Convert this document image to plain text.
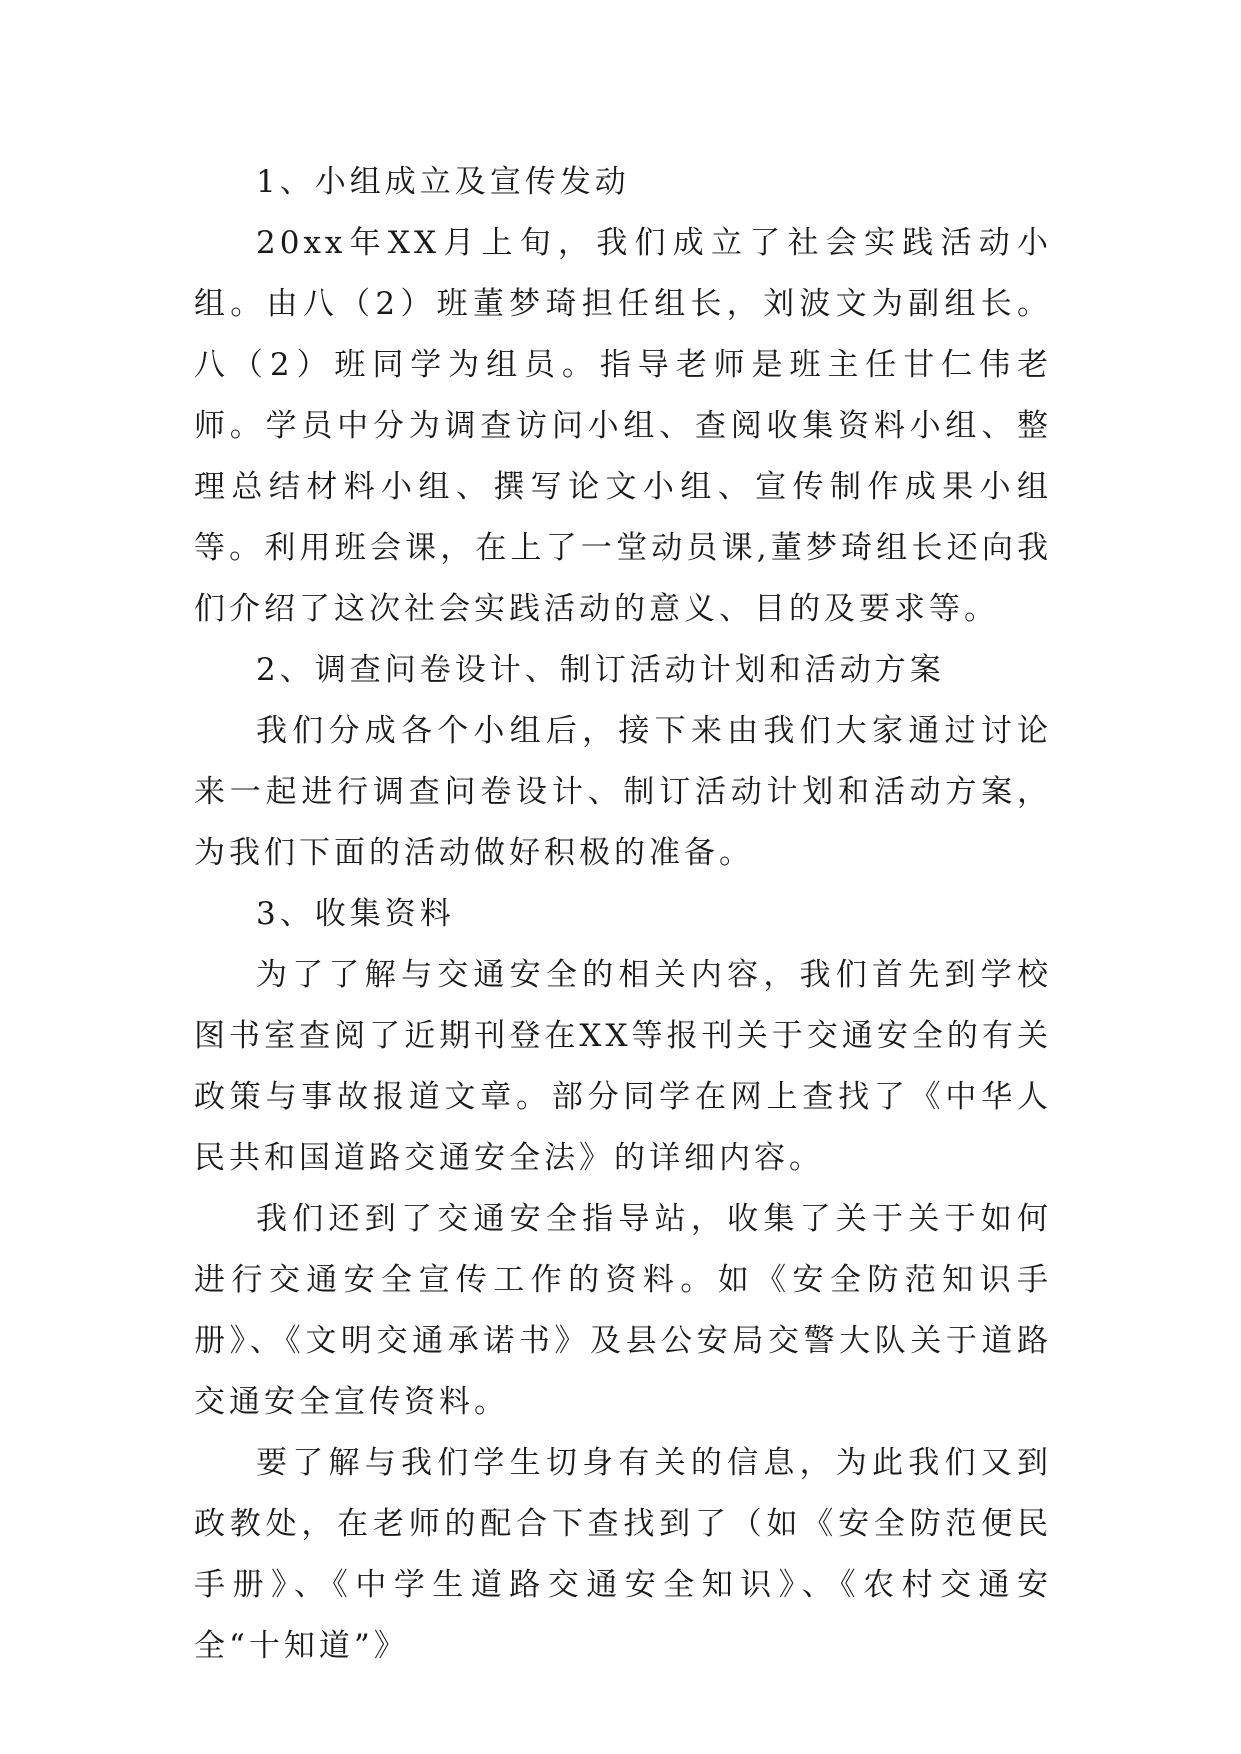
1、小组成立及宣传发动

20xx年XX月上旬，我们成立了社会实践活动小组。由八（2）班董梦琦担任组长，刘波文为副组长。八（2）班同学为组员。指导老师是班主任甘仁伟老师。学员中分为调查访问小组、查阅收集资料小组、整理总结材料小组、撰写论文小组、宣传制作成果小组等。利用班会课，在上了一堂动员课,董梦琦组长还向我们介绍了这次社会实践活动的意义、目的及要求等。

2、调查问卷设计、制订活动计划和活动方案

我们分成各个小组后，接下来由我们大家通过讨论来一起进行调查问卷设计、制订活动计划和活动方案，为我们下面的活动做好积极的准备。

3、收集资料

为了了解与交通安全的相关内容，我们首先到学校图书室查阅了近期刊登在XX等报刊关于交通安全的有关政策与事故报道文章。部分同学在网上查找了《中华人民共和国道路交通安全法》的详细内容。

我们还到了交通安全指导站，收集了关于关于如何进行交通安全宣传工作的资料。如《安全防范知识手册》、《文明交通承诺书》及县公安局交警大队关于道路交通安全宣传资料。

要了解与我们学生切身有关的信息，为此我们又到政教处，在老师的配合下查找到了（如《安全防范便民手册》、《中学生道路交通安全知识》、《农村交通安全“十知道”》
